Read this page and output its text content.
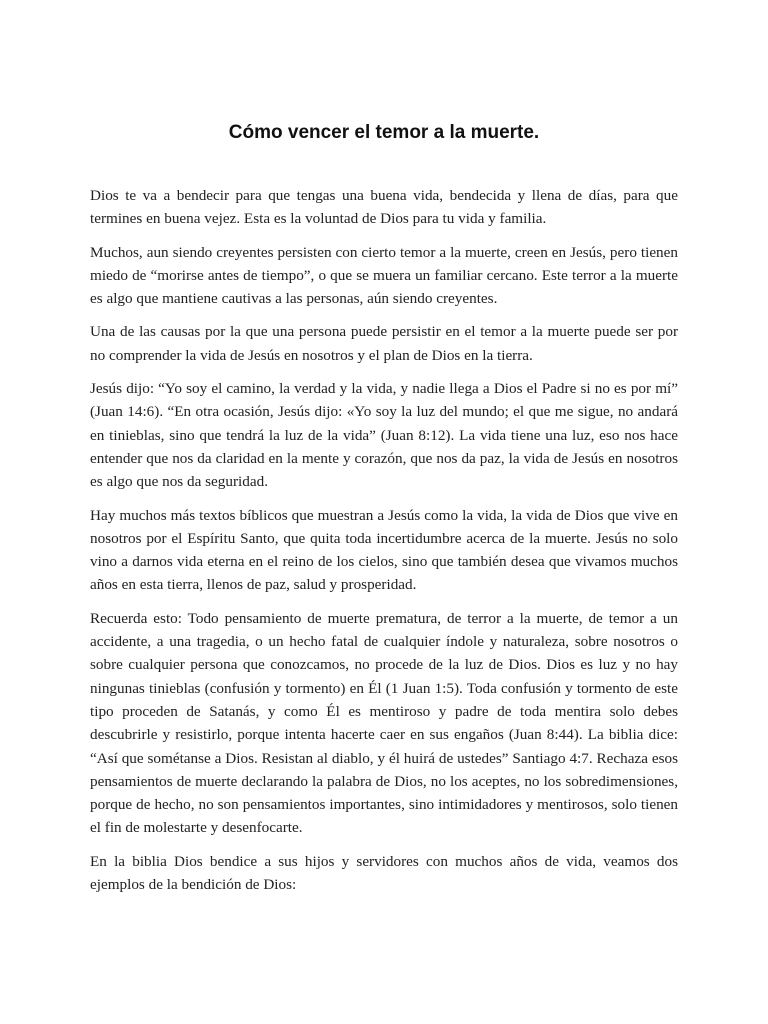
Cómo vencer el temor a la muerte.

Dios te va a bendecir para que tengas una buena vida, bendecida y llena de días, para que termines en buena vejez. Esta es la voluntad de Dios para tu vida y familia.

Muchos, aun siendo creyentes persisten con cierto temor a la muerte, creen en Jesús, pero tienen miedo de “morirse antes de tiempo”, o que se muera un familiar cercano. Este terror a la muerte es algo que mantiene cautivas a las personas, aún siendo creyentes.

Una de las causas por la que una persona puede persistir en el temor a la muerte puede ser por no comprender la vida de Jesús en nosotros y el plan de Dios en la tierra.

Jesús dijo: “Yo soy el camino, la verdad y la vida, y nadie llega a Dios el Padre si no es por mí” (Juan 14:6). “En otra ocasión, Jesús dijo: «Yo soy la luz del mundo; el que me sigue, no andará en tinieblas, sino que tendrá la luz de la vida” (Juan 8:12). La vida tiene una luz, eso nos hace entender que nos da claridad en la mente y corazón, que nos da paz, la vida de Jesús en nosotros es algo que nos da seguridad.

Hay muchos más textos bíblicos que muestran a Jesús como la vida, la vida de Dios que vive en nosotros por el Espíritu Santo, que quita toda incertidumbre acerca de la muerte. Jesús no solo vino a darnos vida eterna en el reino de los cielos, sino que también desea que vivamos muchos años en esta tierra, llenos de paz, salud y prosperidad.

Recuerda esto: Todo pensamiento de muerte prematura, de terror a la muerte, de temor a un accidente, a una tragedia, o un hecho fatal de cualquier índole y naturaleza, sobre nosotros o sobre cualquier persona que conozcamos, no procede de la luz de Dios. Dios es luz y no hay ningunas tinieblas (confusión y tormento) en Él (1 Juan 1:5). Toda confusión y tormento de este tipo proceden de Satanás, y como Él es mentiroso y padre de toda mentira solo debes descubrirle y resistirlo, porque intenta hacerte caer en sus engaños (Juan 8:44). La biblia dice: “Así que sométanse a Dios. Resistan al diablo, y él huirá de ustedes” Santiago 4:7. Rechaza esos pensamientos de muerte declarando la palabra de Dios, no los aceptes, no los sobredimensiones, porque de hecho, no son pensamientos importantes, sino intimidadores y mentirosos, solo tienen el fin de molestarte y desenfocarte.

En la biblia Dios bendice a sus hijos y servidores con muchos años de vida, veamos dos ejemplos de la bendición de Dios:
